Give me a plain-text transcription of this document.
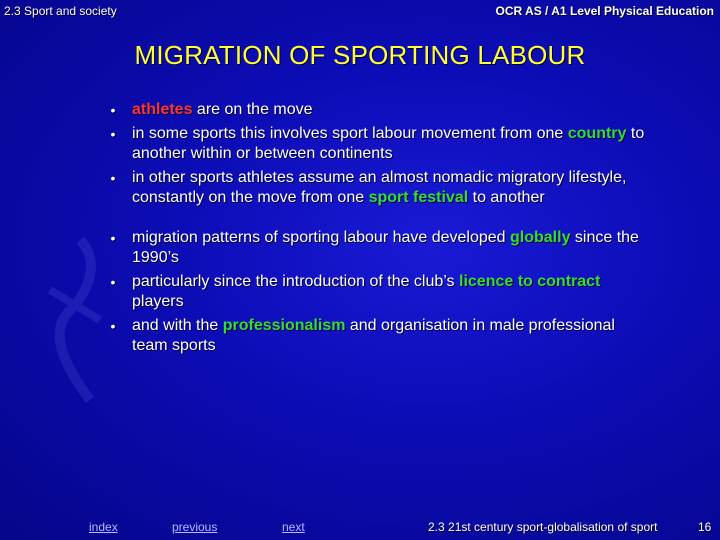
2.3 Sport and society	OCR AS / A1 Level Physical Education
MIGRATION OF SPORTING LABOUR
• athletes are on the move
• in some sports this involves sport labour movement from one country to another within or between continents
• in other sports athletes assume an almost nomadic migratory lifestyle, constantly on the move from one sport festival to another
• migration patterns of sporting labour have developed globally since the 1990’s
• particularly since the introduction of the club’s licence to contract players
• and with the professionalism and organisation in male professional team sports
index	previous	next	2.3 21st century sport-globalisation of sport	16
